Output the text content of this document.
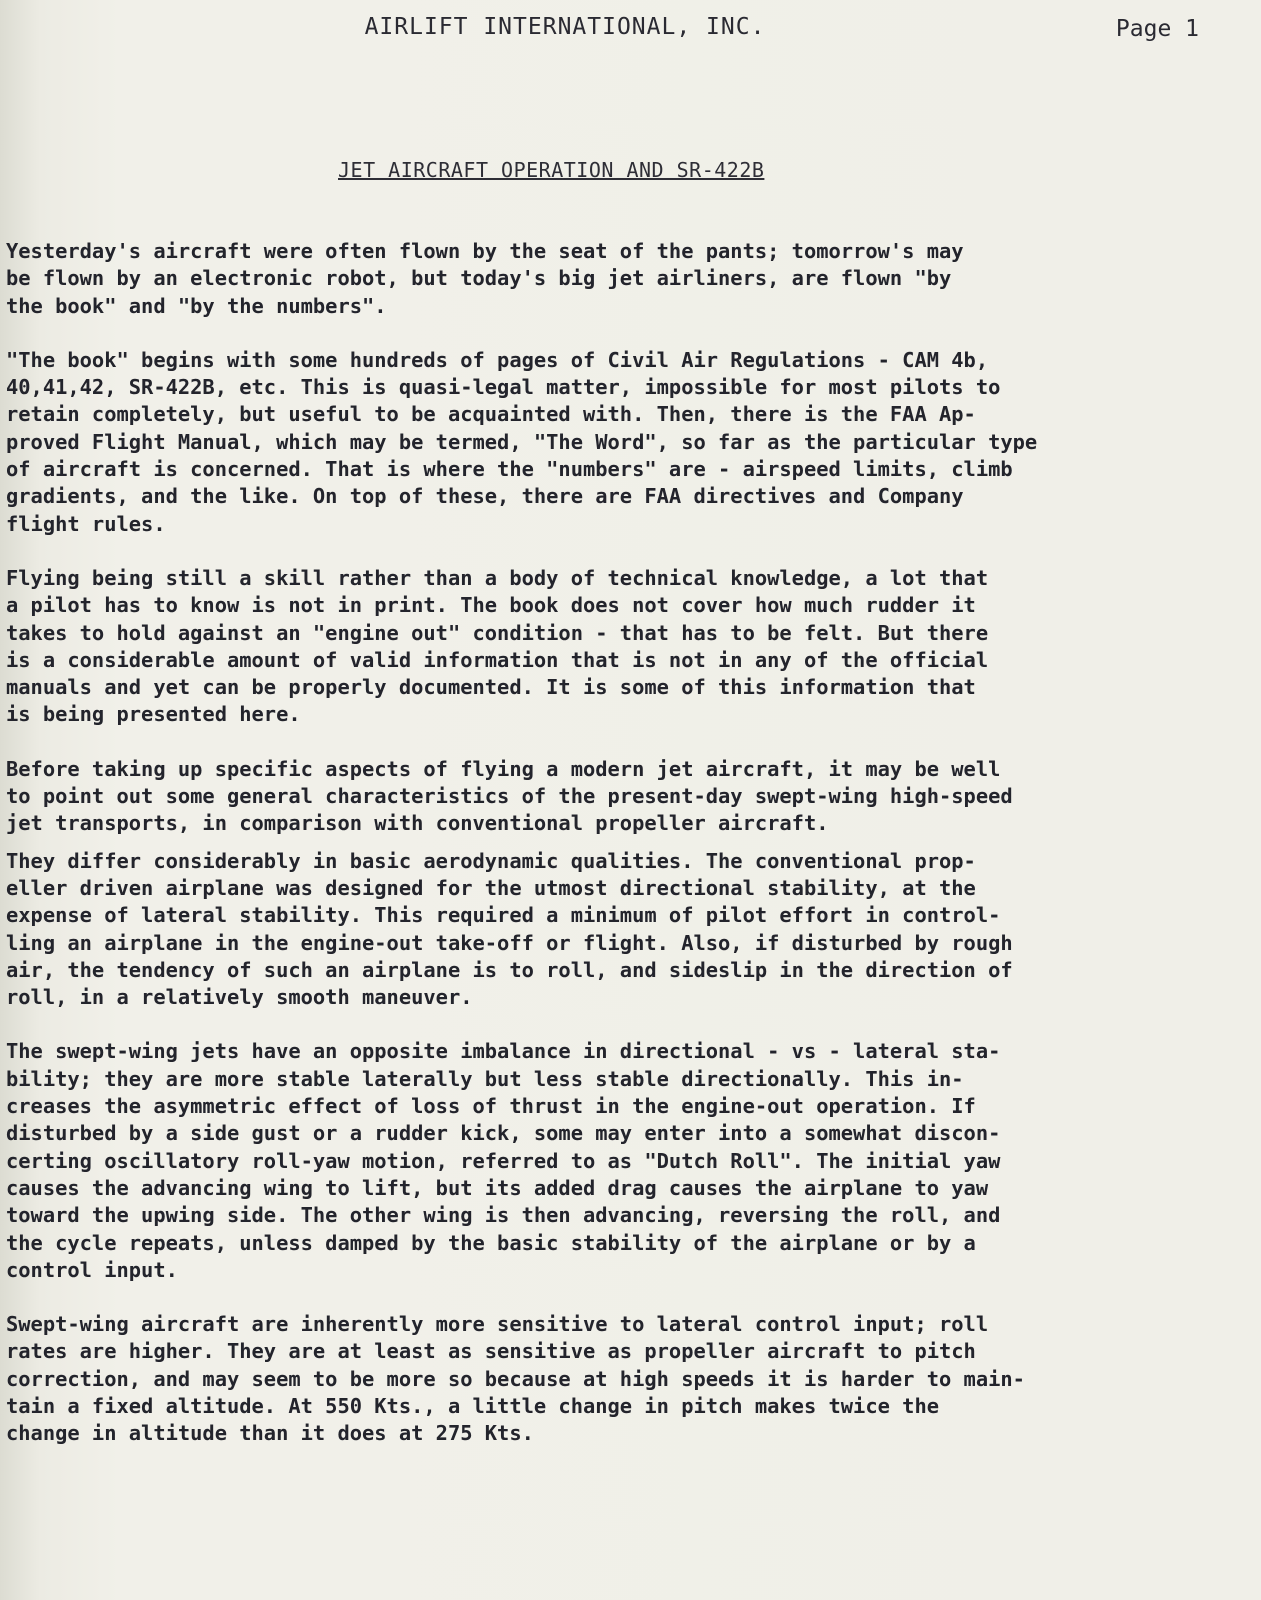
AIRLIFT INTERNATIONAL, INC.	Page 1
JET AIRCRAFT OPERATION AND SR-422B

Yesterday's aircraft were often flown by the seat of the pants; tomorrow's may
be flown by an electronic robot, but today's big jet airliners, are flown "by
the book" and "by the numbers".

"The book" begins with some hundreds of pages of Civil Air Regulations - CAM 4b,
40,41,42, SR-422B, etc. This is quasi-legal matter, impossible for most pilots to
retain completely, but useful to be acquainted with. Then, there is the FAA Ap-
proved Flight Manual, which may be termed, "The Word", so far as the particular type
of aircraft is concerned. That is where the "numbers" are - airspeed limits, climb
gradients, and the like. On top of these, there are FAA directives and Company
flight rules.

Flying being still a skill rather than a body of technical knowledge, a lot that
a pilot has to know is not in print. The book does not cover how much rudder it
takes to hold against an "engine out" condition - that has to be felt. But there
is a considerable amount of valid information that is not in any of the official
manuals and yet can be properly documented. It is some of this information that
is being presented here.

Before taking up specific aspects of flying a modern jet aircraft, it may be well
to point out some general characteristics of the present-day swept-wing high-speed
jet transports, in comparison with conventional propeller aircraft.

They differ considerably in basic aerodynamic qualities. The conventional prop-
eller driven airplane was designed for the utmost directional stability, at the
expense of lateral stability. This required a minimum of pilot effort in control-
ling an airplane in the engine-out take-off or flight. Also, if disturbed by rough
air, the tendency of such an airplane is to roll, and sideslip in the direction of
roll, in a relatively smooth maneuver.

The swept-wing jets have an opposite imbalance in directional - vs - lateral sta-
bility; they are more stable laterally but less stable directionally. This in-
creases the asymmetric effect of loss of thrust in the engine-out operation. If
disturbed by a side gust or a rudder kick, some may enter into a somewhat discon-
certing oscillatory roll-yaw motion, referred to as "Dutch Roll". The initial yaw
causes the advancing wing to lift, but its added drag causes the airplane to yaw
toward the upwing side. The other wing is then advancing, reversing the roll, and
the cycle repeats, unless damped by the basic stability of the airplane or by a
control input.

Swept-wing aircraft are inherently more sensitive to lateral control input; roll
rates are higher. They are at least as sensitive as propeller aircraft to pitch
correction, and may seem to be more so because at high speeds it is harder to main-
tain a fixed altitude. At 550 Kts., a little change in pitch makes twice the
change in altitude than it does at 275 Kts.
